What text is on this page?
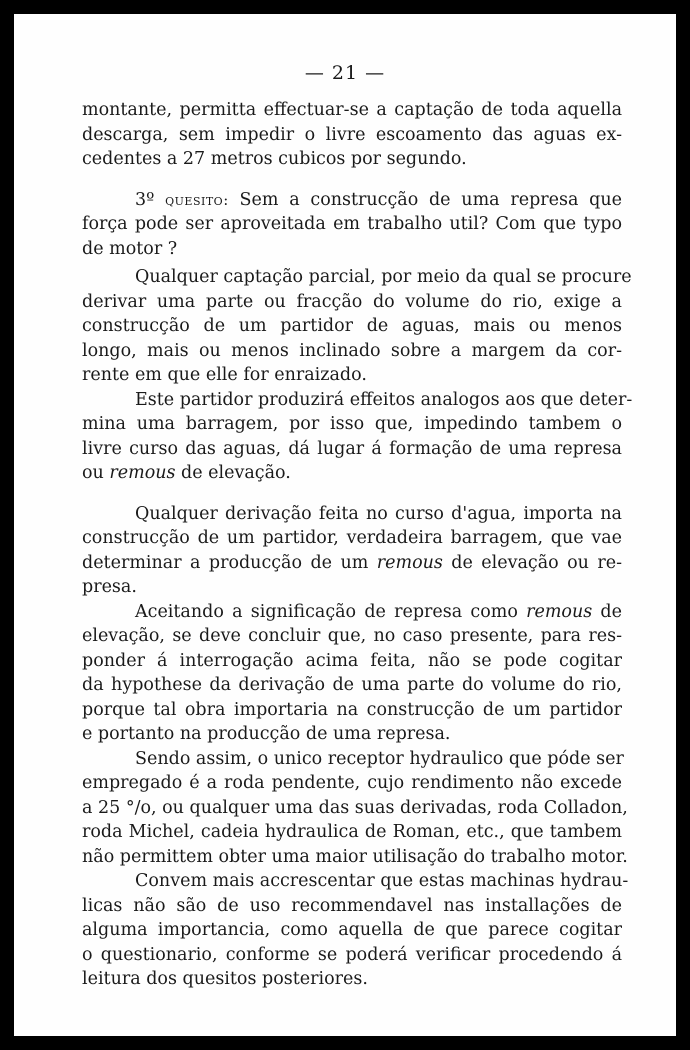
— 21 —
montante, permitta effectuar-se a captação de toda aquella
descarga, sem impedir o livre escoamento das aguas ex-
cedentes a 27 metros cubicos por segundo.
3º quesito: Sem a construcção de uma represa que
força pode ser aproveitada em trabalho util? Com que typo
de motor ?
Qualquer captação parcial, por meio da qual se procure
derivar uma parte ou fracção do volume do rio, exige a
construcção de um partidor de aguas, mais ou menos
longo, mais ou menos inclinado sobre a margem da cor-
rente em que elle for enraizado.
Este partidor produzirá effeitos analogos aos que deter-
mina uma barragem, por isso que, impedindo tambem o
livre curso das aguas, dá lugar á formação de uma represa
ou remous de elevação.
Qualquer derivação feita no curso d'agua, importa na
construcção de um partidor, verdadeira barragem, que vae
determinar a producção de um remous de elevação ou re-
presa.
Aceitando a significação de represa como remous de
elevação, se deve concluir que, no caso presente, para res-
ponder á interrogação acima feita, não se pode cogitar
da hypothese da derivação de uma parte do volume do rio,
porque tal obra importaria na construcção de um partidor
e portanto na producção de uma represa.
Sendo assim, o unico receptor hydraulico que póde ser
empregado é a roda pendente, cujo rendimento não excede
a 25 °/o, ou qualquer uma das suas derivadas, roda Colladon,
roda Michel, cadeia hydraulica de Roman, etc., que tambem
não permittem obter uma maior utilisação do trabalho motor.
Convem mais accrescentar que estas machinas hydrau-
licas não são de uso recommendavel nas installações de
alguma importancia, como aquella de que parece cogitar
o questionario, conforme se poderá verificar procedendo á
leitura dos quesitos posteriores.
